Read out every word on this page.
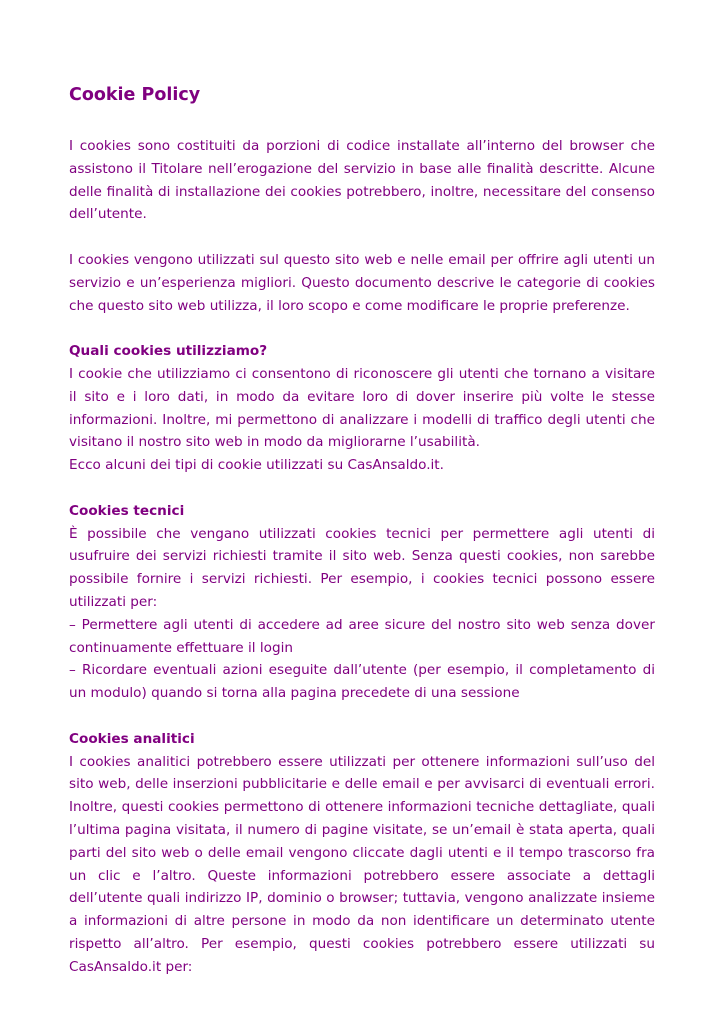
Cookie Policy

I cookies sono costituiti da porzioni di codice installate all’interno del browser che assistono il Titolare nell’erogazione del servizio in base alle finalità descritte. Alcune delle finalità di installazione dei cookies potrebbero, inoltre, necessitare del consenso dell’utente.

I cookies vengono utilizzati sul questo sito web e nelle email per offrire agli utenti un servizio e un’esperienza migliori. Questo documento descrive le categorie di cookies che questo sito web utilizza, il loro scopo e come modificare le proprie preferenze.

Quali cookies utilizziamo?

I cookie che utilizziamo ci consentono di riconoscere gli utenti che tornano a visitare il sito e i loro dati, in modo da evitare loro di dover inserire più volte le stesse informazioni. Inoltre, mi permettono di analizzare i modelli di traffico degli utenti che visitano il nostro sito web in modo da migliorarne l’usabilità.

Ecco alcuni dei tipi di cookie utilizzati su CasAnsaldo.it.

Cookies tecnici

È possibile che vengano utilizzati cookies tecnici per permettere agli utenti di usufruire dei servizi richiesti tramite il sito web. Senza questi cookies, non sarebbe possibile fornire i servizi richiesti. Per esempio, i cookies tecnici possono essere utilizzati per:

– Permettere agli utenti di accedere ad aree sicure del nostro sito web senza dover continuamente effettuare il login

– Ricordare eventuali azioni eseguite dall’utente (per esempio, il completamento di un modulo) quando si torna alla pagina precedete di una sessione

Cookies analitici

I cookies analitici potrebbero essere utilizzati per ottenere informazioni sull’uso del sito web, delle inserzioni pubblicitarie e delle email e per avvisarci di eventuali errori. Inoltre, questi cookies permettono di ottenere informazioni tecniche dettagliate, quali l’ultima pagina visitata, il numero di pagine visitate, se un’email è stata aperta, quali parti del sito web o delle email vengono cliccate dagli utenti e il tempo trascorso fra un clic e l’altro. Queste informazioni potrebbero essere associate a dettagli dell’utente quali indirizzo IP, dominio o browser; tuttavia, vengono analizzate insieme a informazioni di altre persone in modo da non identificare un determinato utente rispetto all’altro. Per esempio, questi cookies potrebbero essere utilizzati su CasAnsaldo.it per:
